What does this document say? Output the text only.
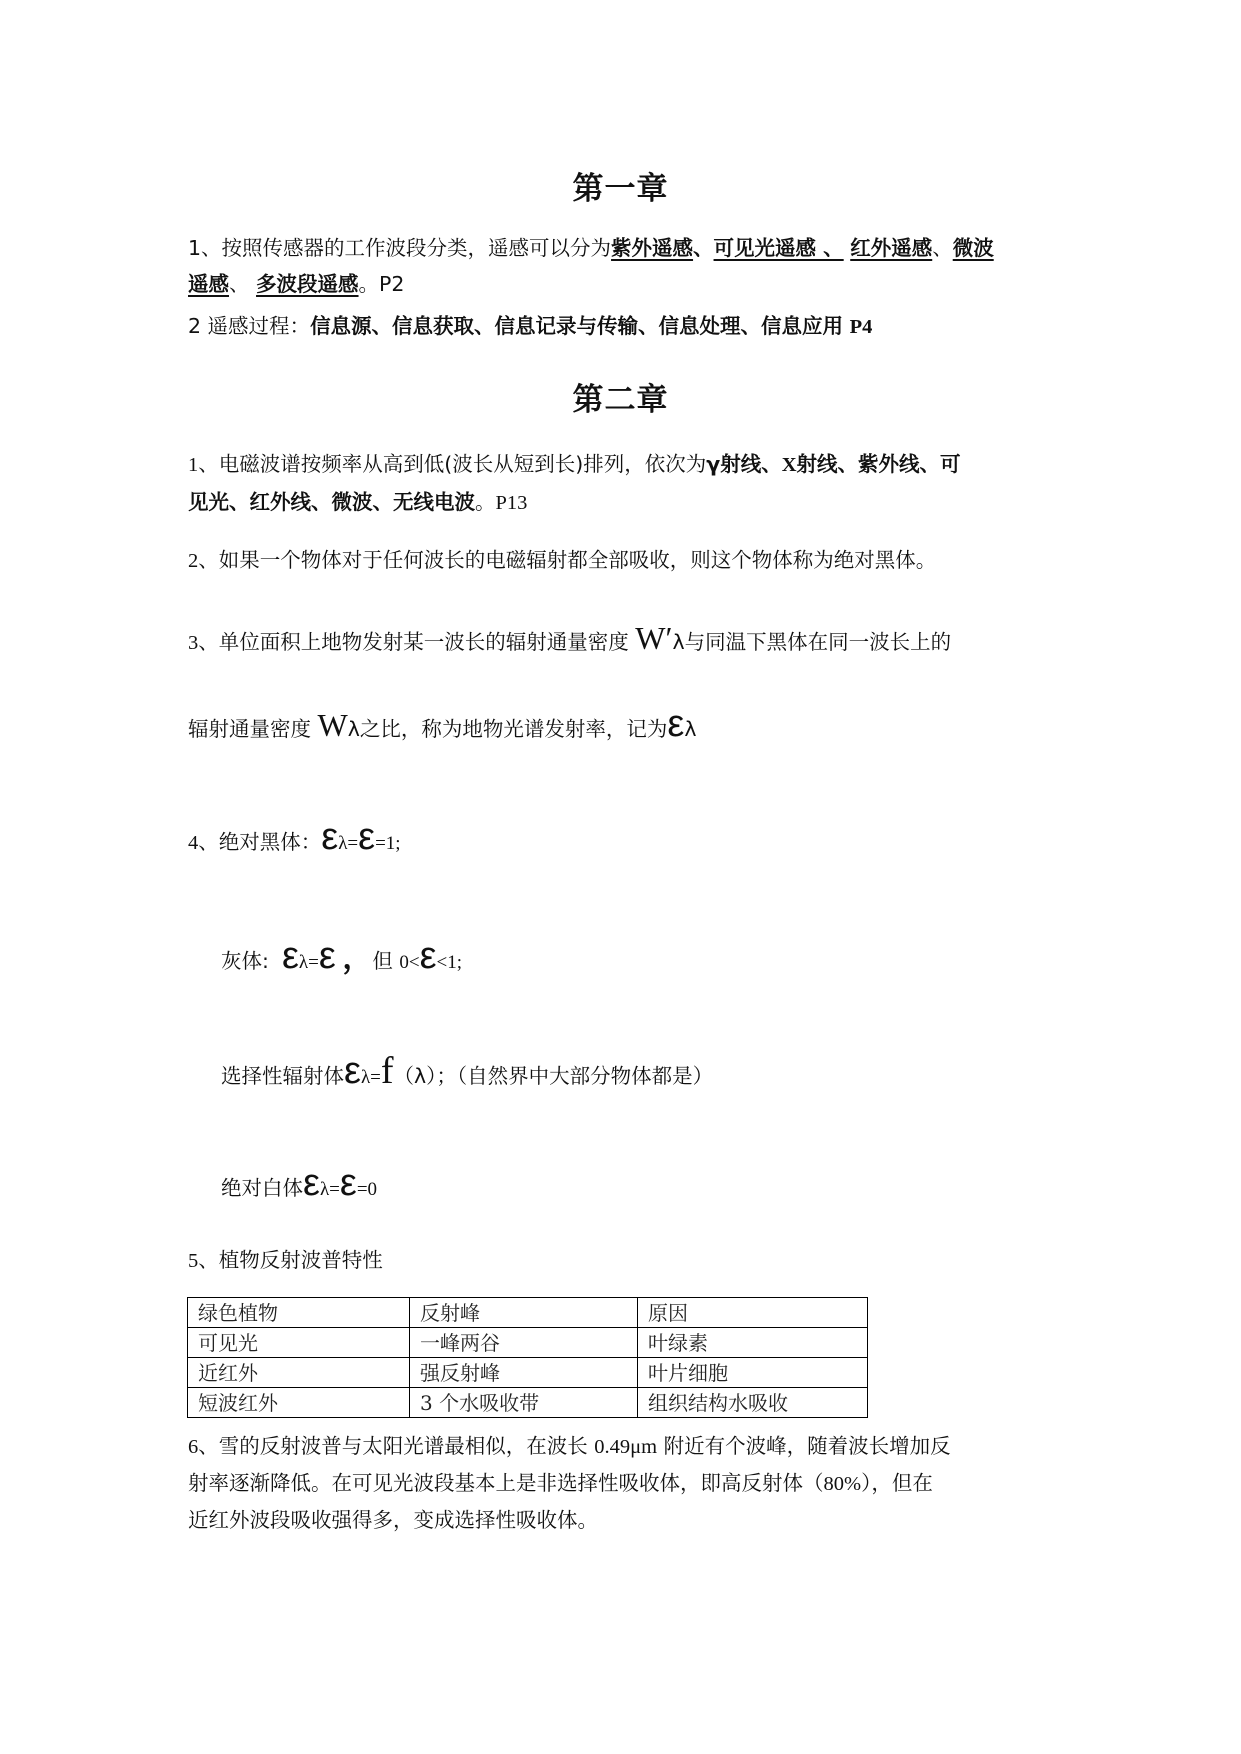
第一章
1、按照传感器的工作波段分类，遥感可以分为紫外遥感、可见光遥感 、 红外遥感、微波
遥感、 多波段遥感。P2
2 遥感过程：信息源、信息获取、信息记录与传输、信息处理、信息应用 P4
第二章
1、电磁波谱按频率从高到低(波长从短到长)排列，依次为γ射线、X射线、紫外线、可
见光、红外线、微波、无线电波。P13
2、如果一个物体对于任何波长的电磁辐射都全部吸收，则这个物体称为绝对黑体。
3、单位面积上地物发射某一波长的辐射通量密度 W′λ与同温下黑体在同一波长上的
辐射通量密度 Wλ之比，称为地物光谱发射率，记为ελ
4、绝对黑体：ελ=ε=1;
灰体: ελ=ε ，但 0<ε<1;
选择性辐射体ελ=f（λ）；（自然界中大部分物体都是）
绝对白体ελ=ε=0
5、植物反射波普特性
绿色植物	反射峰	原因
可见光	一峰两谷	叶绿素
近红外	强反射峰	叶片细胞
短波红外	3 个水吸收带	组织结构水吸收
6、雪的反射波普与太阳光谱最相似，在波长 0.49μm 附近有个波峰，随着波长增加反
射率逐渐降低。在可见光波段基本上是非选择性吸收体，即高反射体（80%），但在
近红外波段吸收强得多，变成选择性吸收体。
